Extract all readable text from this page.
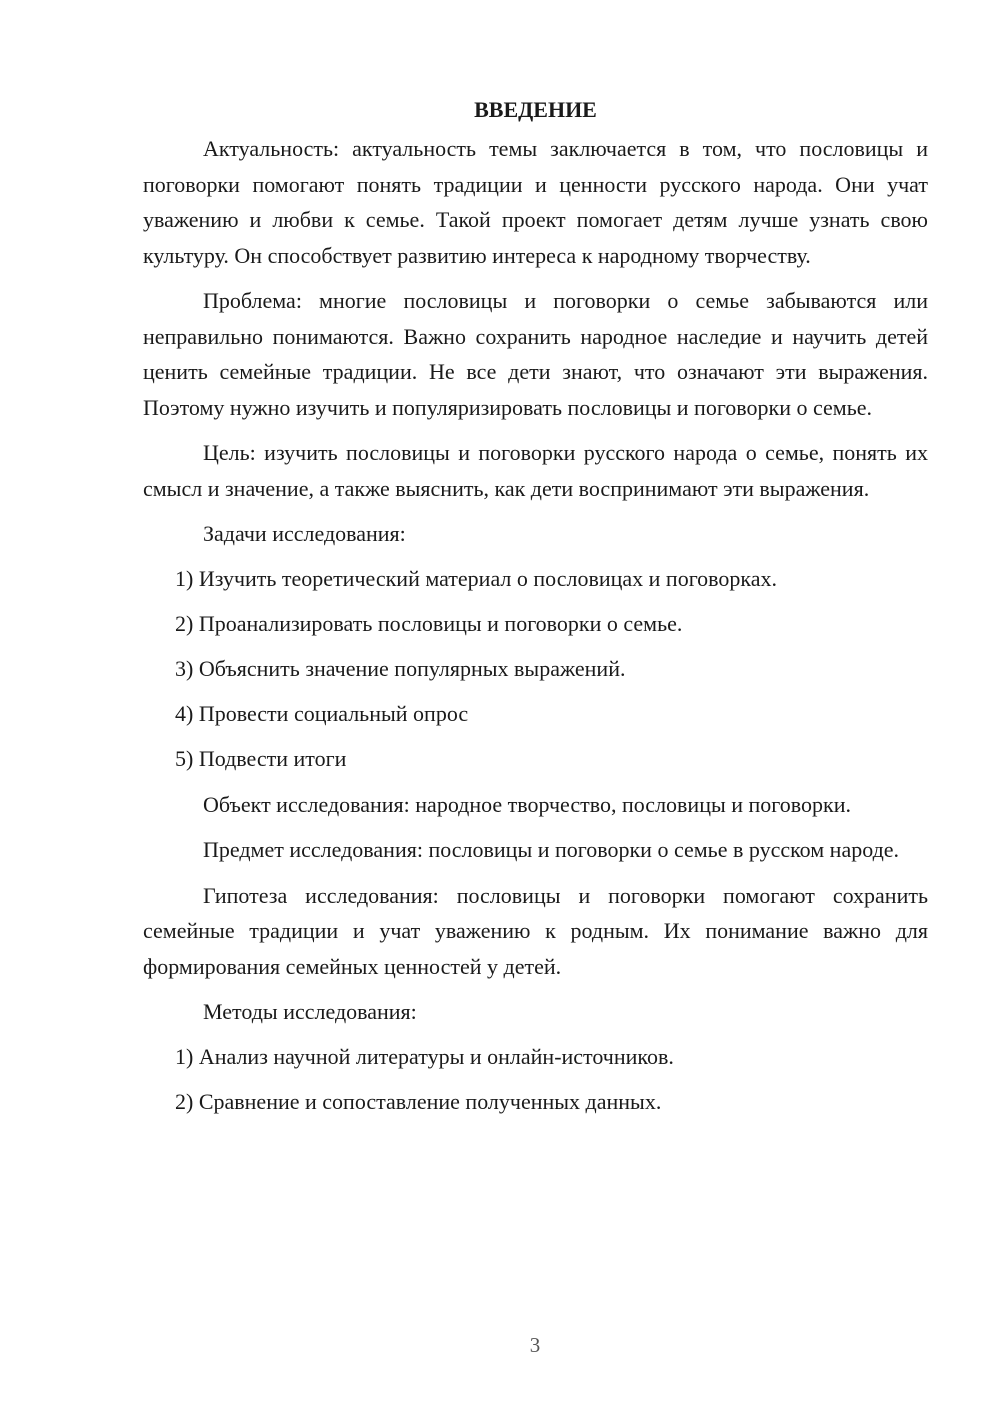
ВВЕДЕНИЕ

Актуальность: актуальность темы заключается в том, что пословицы и поговорки помогают понять традиции и ценности русского народа. Они учат уважению и любви к семье. Такой проект помогает детям лучше узнать свою культуру. Он способствует развитию интереса к народному творчеству.

Проблема: многие пословицы и поговорки о семье забываются или неправильно понимаются. Важно сохранить народное наследие и научить детей ценить семейные традиции. Не все дети знают, что означают эти выражения. Поэтому нужно изучить и популяризировать пословицы и поговорки о семье.

Цель: изучить пословицы и поговорки русского народа о семье, понять их смысл и значение, а также выяснить, как дети воспринимают эти выражения.

Задачи исследования:

1) Изучить теоретический материал о пословицах и поговорках.
2) Проанализировать пословицы и поговорки о семье.
3) Объяснить значение популярных выражений.
4) Провести социальный опрос
5) Подвести итоги

Объект исследования: народное творчество, пословицы и поговорки.

Предмет исследования: пословицы и поговорки о семье в русском народе.

Гипотеза исследования: пословицы и поговорки помогают сохранить семейные традиции и учат уважению к родным. Их понимание важно для формирования семейных ценностей у детей.

Методы исследования:

1) Анализ научной литературы и онлайн-источников.
2) Сравнение и сопоставление полученных данных.
3
